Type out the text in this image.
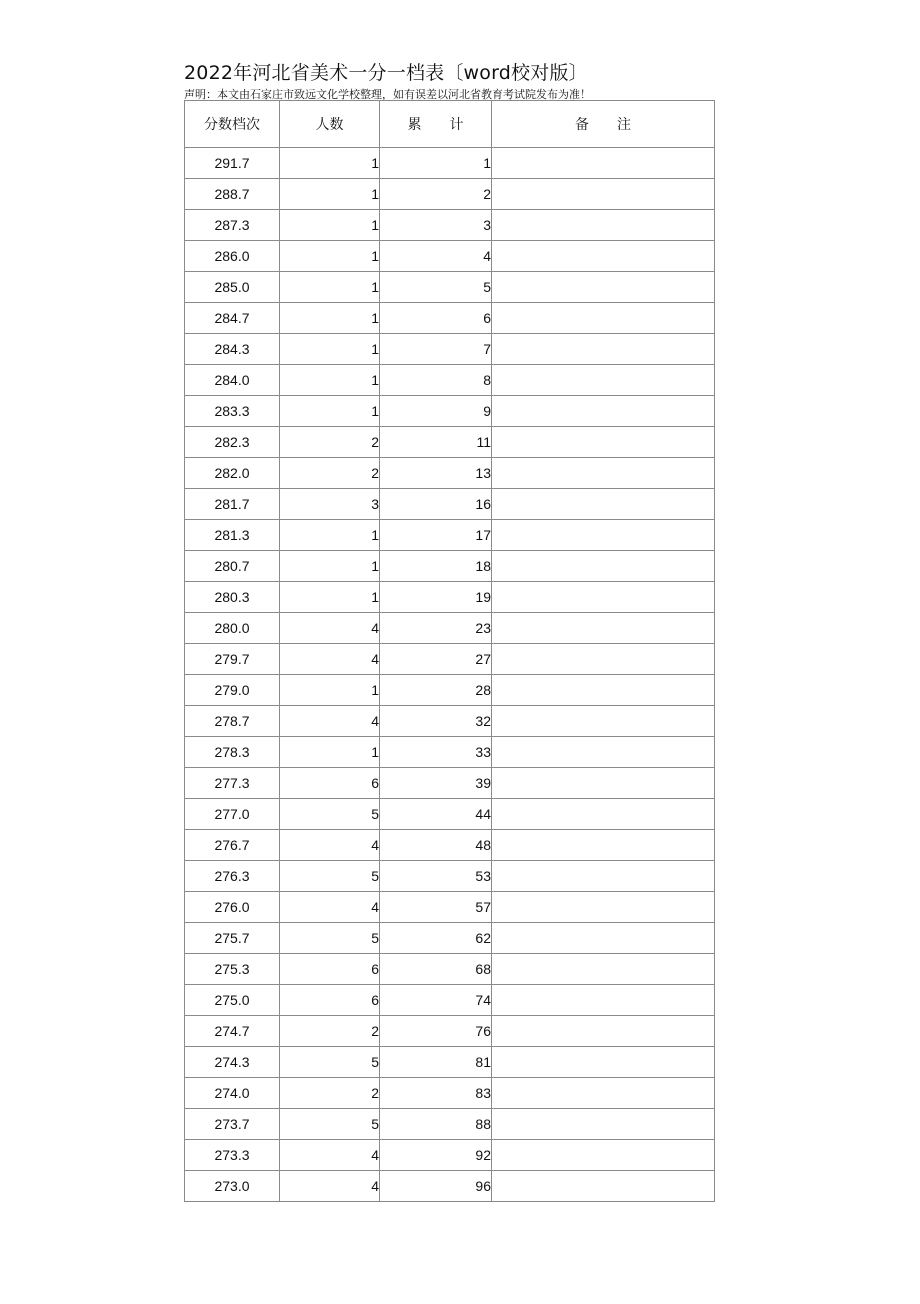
2022年河北省美术一分一档表〔word校对版〕
声明：本文由石家庄市致远文化学校整理，如有误差以河北省教育考试院发布为准！
分数档次	人数	累　　计	备　　注
291.7	1	1	
288.7	1	2	
287.3	1	3	
286.0	1	4	
285.0	1	5	
284.7	1	6	
284.3	1	7	
284.0	1	8	
283.3	1	9	
282.3	2	11	
282.0	2	13	
281.7	3	16	
281.3	1	17	
280.7	1	18	
280.3	1	19	
280.0	4	23	
279.7	4	27	
279.0	1	28	
278.7	4	32	
278.3	1	33	
277.3	6	39	
277.0	5	44	
276.7	4	48	
276.3	5	53	
276.0	4	57	
275.7	5	62	
275.3	6	68	
275.0	6	74	
274.7	2	76	
274.3	5	81	
274.0	2	83	
273.7	5	88	
273.3	4	92	
273.0	4	96	
